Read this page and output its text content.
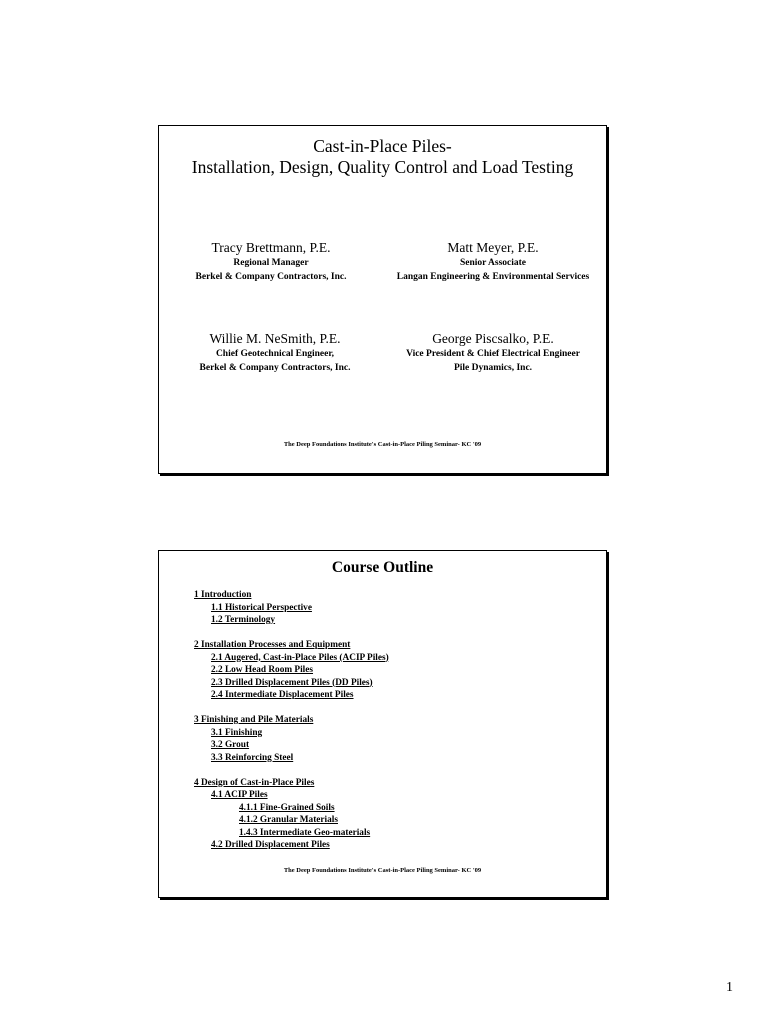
Cast-in-Place Piles-
Installation, Design, Quality Control and Load Testing
Tracy Brettmann, P.E.
Regional Manager
Berkel & Company Contractors, Inc.
Matt Meyer, P.E.
Senior Associate
Langan Engineering & Environmental Services
Willie M. NeSmith, P.E.
Chief Geotechnical Engineer,
Berkel & Company Contractors, Inc.
George Piscsalko, P.E.
Vice President & Chief Electrical Engineer
Pile Dynamics, Inc.
The Deep Foundations Institute's Cast-in-Place Piling Seminar- KC '09
Course Outline
1 Introduction
1.1 Historical Perspective
1.2 Terminology
2 Installation Processes and Equipment
2.1 Augered, Cast-in-Place Piles (ACIP Piles)
2.2 Low Head Room Piles
2.3 Drilled Displacement Piles (DD Piles)
2.4 Intermediate Displacement Piles
3 Finishing and Pile Materials
3.1 Finishing
3.2 Grout
3.3 Reinforcing Steel
4 Design of Cast-in-Place Piles
4.1 ACIP Piles
4.1.1 Fine-Grained Soils
4.1.2 Granular Materials
1.4.3 Intermediate Geo-materials
4.2 Drilled Displacement Piles
The Deep Foundations Institute's Cast-in-Place Piling Seminar- KC '09
1
